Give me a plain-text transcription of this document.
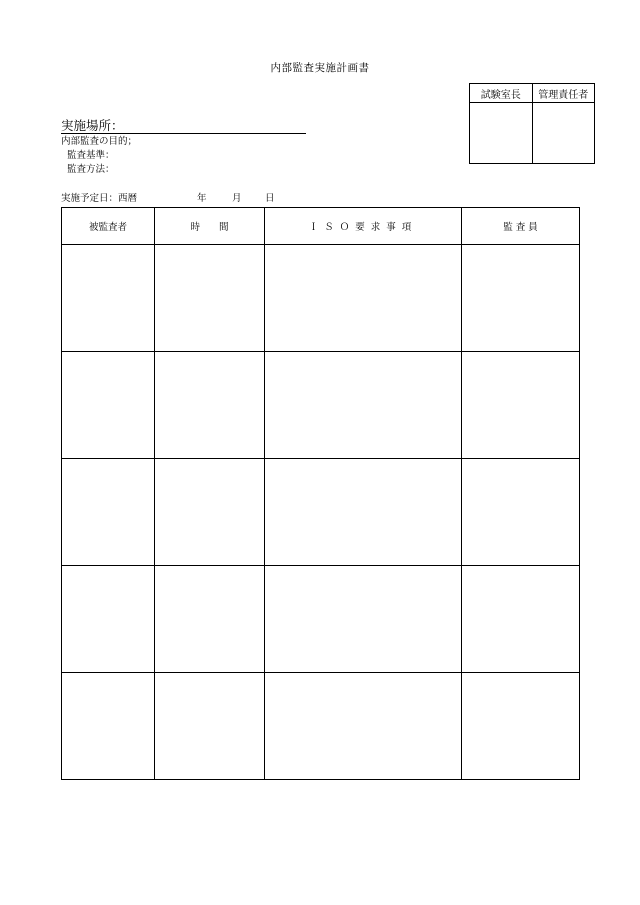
内部監査実施計画書
試験室長	管理責任者

実施場所：
内部監査の目的；
監査基準：
監査方法：
実施予定日：西暦	年	月 日
被監査者	時　　間	ＩＳＯ要求事項	監 査 員
